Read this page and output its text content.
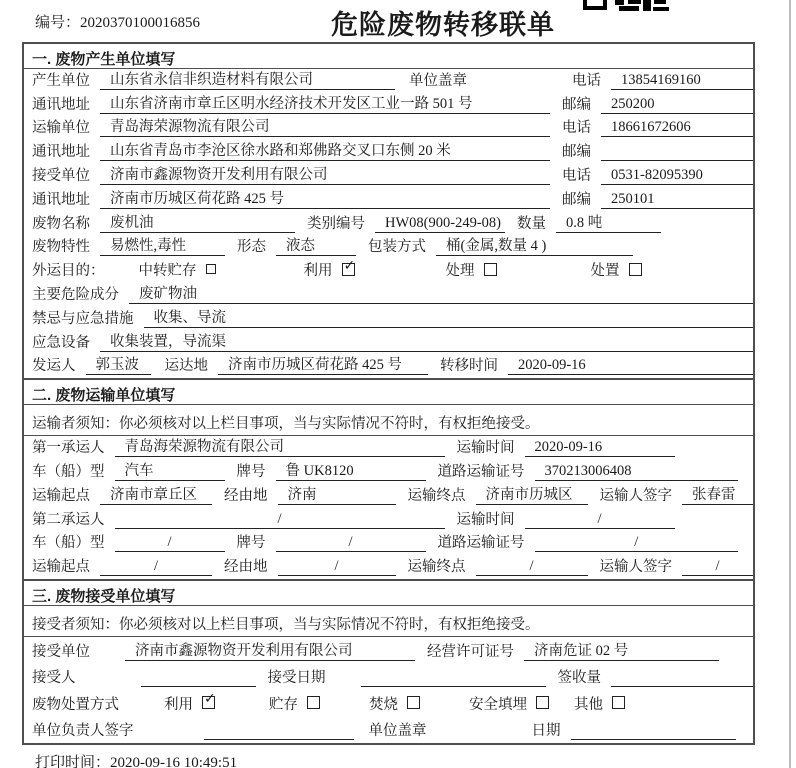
编号：2020370100016856	危险废物转移联单
一. 废物产生单位填写
产生单位	山东省永信非织造材料有限公司	单位盖章	电话	13854169160
通讯地址	山东省济南市章丘区明水经济技术开发区工业一路 501 号	邮编	250200
运输单位	青岛海荣源物流有限公司	电话	18661672606
通讯地址	山东省青岛市李沧区徐水路和郑佛路交叉口东侧 20 米	邮编
接受单位	济南市鑫源物资开发利用有限公司	电话	0531-82095390
通讯地址	济南市历城区荷花路 425 号	邮编	250101
废物名称	废机油	类别编号	HW08(900-249-08) 数量	0.8 吨
废物特性	易燃性,毒性	形态	液态	包装方式	桶(金属,数量 4 )
外运目的： 中转贮存	利用 ✓	处理	处置
主要危险成分	废矿物油
禁忌与应急措施	收集、导流
应急设备	收集装置，导流渠
发运人	郭玉波	运达地	济南市历城区荷花路 425 号	转移时间	2020-09-16
二. 废物运输单位填写
运输者须知：你必须核对以上栏目事项，当与实际情况不符时，有权拒绝接受。
第一承运人	青岛海荣源物流有限公司	运输时间	2020-09-16
车（船）型	汽车	牌号	鲁 UK8120	道路运输证号	370213006408
运输起点	济南市章丘区	经由地	济南	运输终点	济南市历城区	运输人签字	张春雷
第二承运人	/	运输时间	/
车（船）型	/	牌号	/	道路运输证号	/
运输起点	/	经由地	/	运输终点	/	运输人签字	/
三. 废物接受单位填写
接受者须知：你必须核对以上栏目事项，当与实际情况不符时，有权拒绝接受。
接受单位	济南市鑫源物资开发利用有限公司	经营许可证号	济南危证 02 号
接受人	接受日期	签收量
废物处置方式	利用 ✓	贮存	焚烧	安全填埋	其他
单位负责人签字	单位盖章	日期
打印时间：2020-09-16 10:49:51
